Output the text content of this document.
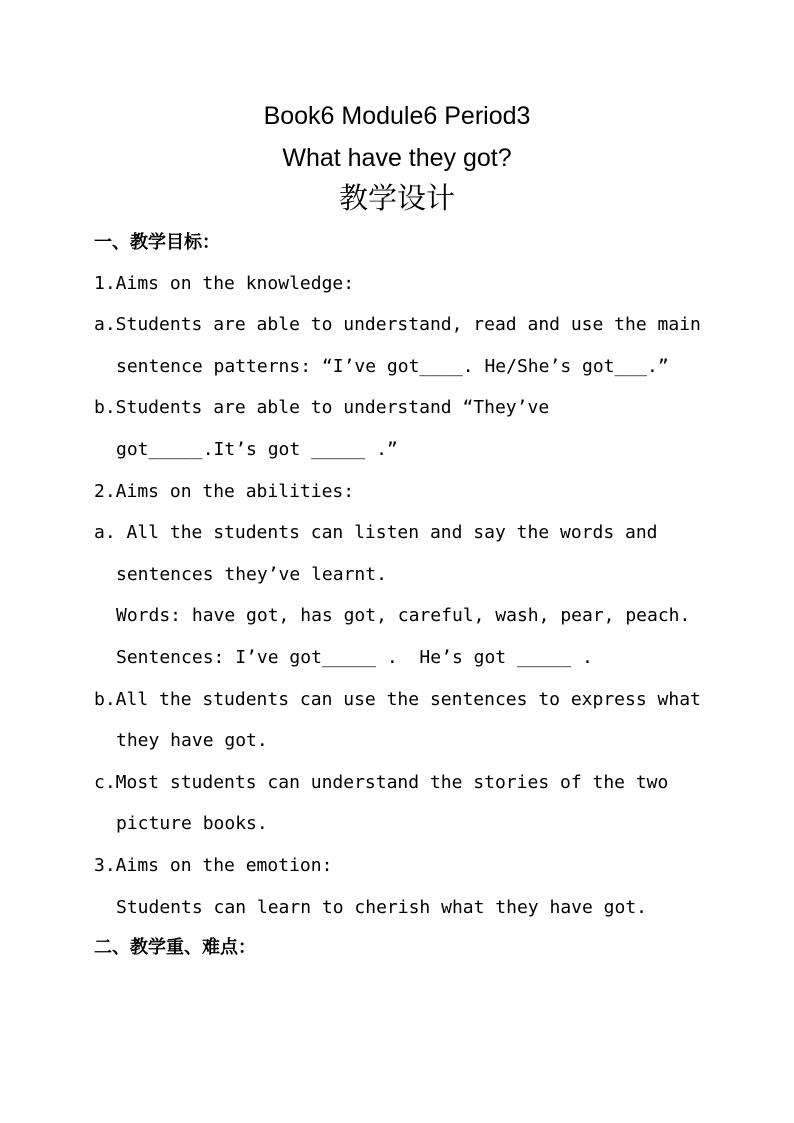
Book6 Module6 Period3
What have they got?
教学设计
一、教学目标：
1.Aims on the knowledge:
a.Students are able to understand, read and use the main
sentence patterns: “I’ve got____. He/She’s got___.”
b.Students are able to understand “They’ve
got_____.It’s got _____ .”
2.Aims on the abilities:
a. All the students can listen and say the words and
sentences they’ve learnt.
Words: have got, has got, careful, wash, pear, peach.
Sentences: I’ve got_____ .  He’s got _____ .
b.All the students can use the sentences to express what
they have got.
c.Most students can understand the stories of the two
picture books.
3.Aims on the emotion:
Students can learn to cherish what they have got.
二、教学重、难点：
